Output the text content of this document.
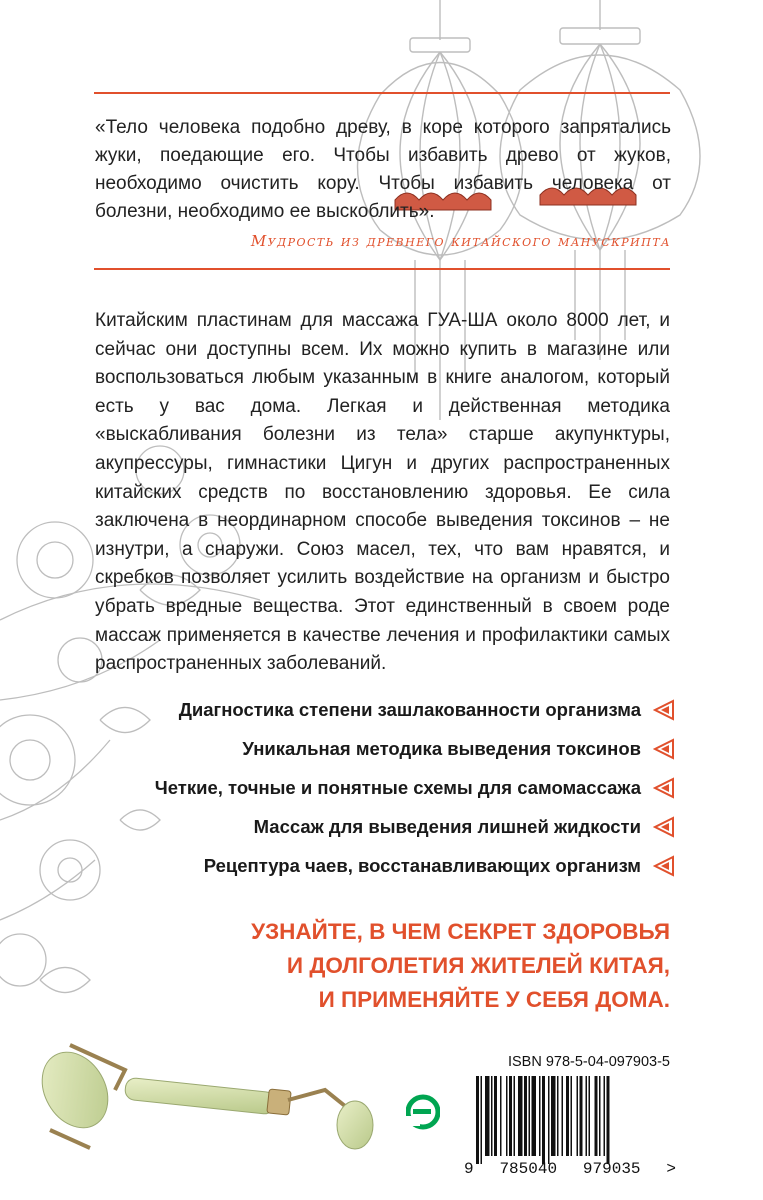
«Тело человека подобно древу, в коре которого запрятались жуки, поедающие его. Чтобы избавить древо от жуков, необходимо очистить кору. Чтобы избавить человека от болезни, необходимо ее выскоблить».
Мудрость из древнего китайского манускрипта
Китайским пластинам для массажа ГУА-ША около 8000 лет, и сейчас они доступны всем. Их можно купить в магазине или воспользоваться любым указанным в книге аналогом, который есть у вас дома. Легкая и действенная методика «выскабливания болезни из тела» старше акупунктуры, акупрессуры, гимнастики Цигун и других распространенных китайских средств по восстановлению здоровья. Ее сила заключена в неординарном способе выведения токсинов – не изнутри, а снаружи. Союз масел, тех, что вам нравятся, и скребков позволяет усилить воздействие на организм и быстро убрать вредные вещества. Этот единственный в своем роде массаж применяется в качестве лечения и профилактики самых распространенных заболеваний.
Диагностика степени зашлакованности организма
Уникальная методика выведения токсинов
Четкие, точные и понятные схемы для самомассажа
Массаж для выведения лишней жидкости
Рецептура чаев, восстанавливающих организм
УЗНАЙТЕ, В ЧЕМ СЕКРЕТ ЗДОРОВЬЯ
И ДОЛГОЛЕТИЯ ЖИТЕЛЕЙ КИТАЯ,
И ПРИМЕНЯЙТЕ У СЕБЯ ДОМА.
ISBN 978-5-04-097903-5
9 785040 979035 >
